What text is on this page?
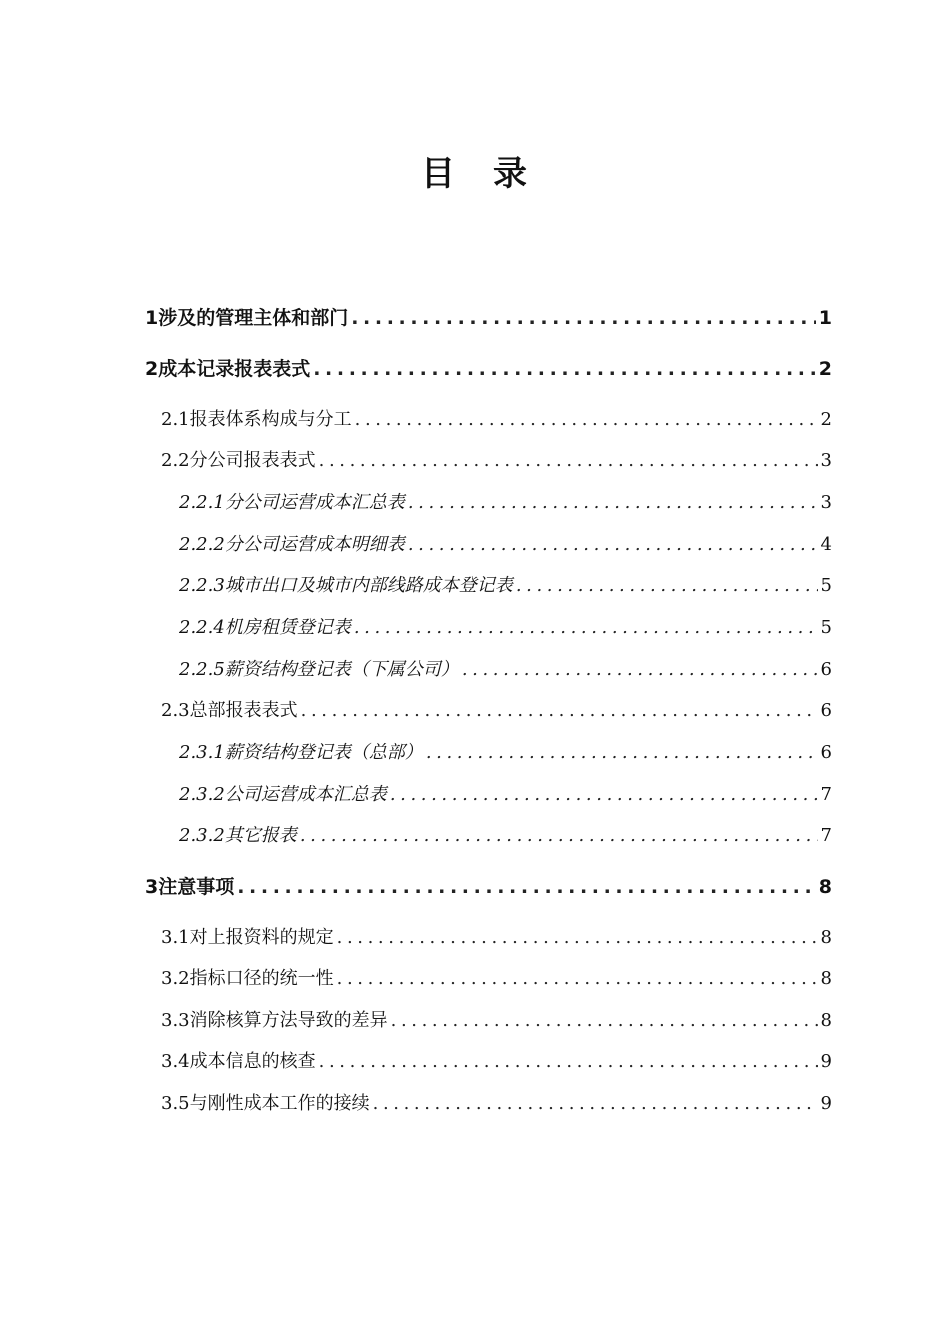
目　录
1涉及的管理主体和部门 .....	1
2成本记录报表表式 .....	2
2.1报表体系构成与分工 .....	2
2.2分公司报表表式 .....	3
2.2.1分公司运营成本汇总表 .....	3
2.2.2分公司运营成本明细表 .....	4
2.2.3城市出口及城市内部线路成本登记表 .....	5
2.2.4机房租赁登记表 .....	5
2.2.5薪资结构登记表（下属公司） .....	6
2.3总部报表表式 .....	6
2.3.1薪资结构登记表（总部） .....	6
2.3.2公司运营成本汇总表 .....	7
2.3.2其它报表 .....	7
3注意事项 .....	8
3.1对上报资料的规定 .....	8
3.2指标口径的统一性 .....	8
3.3消除核算方法导致的差异 .....	8
3.4成本信息的核查 .....	9
3.5与刚性成本工作的接续 .....	9
